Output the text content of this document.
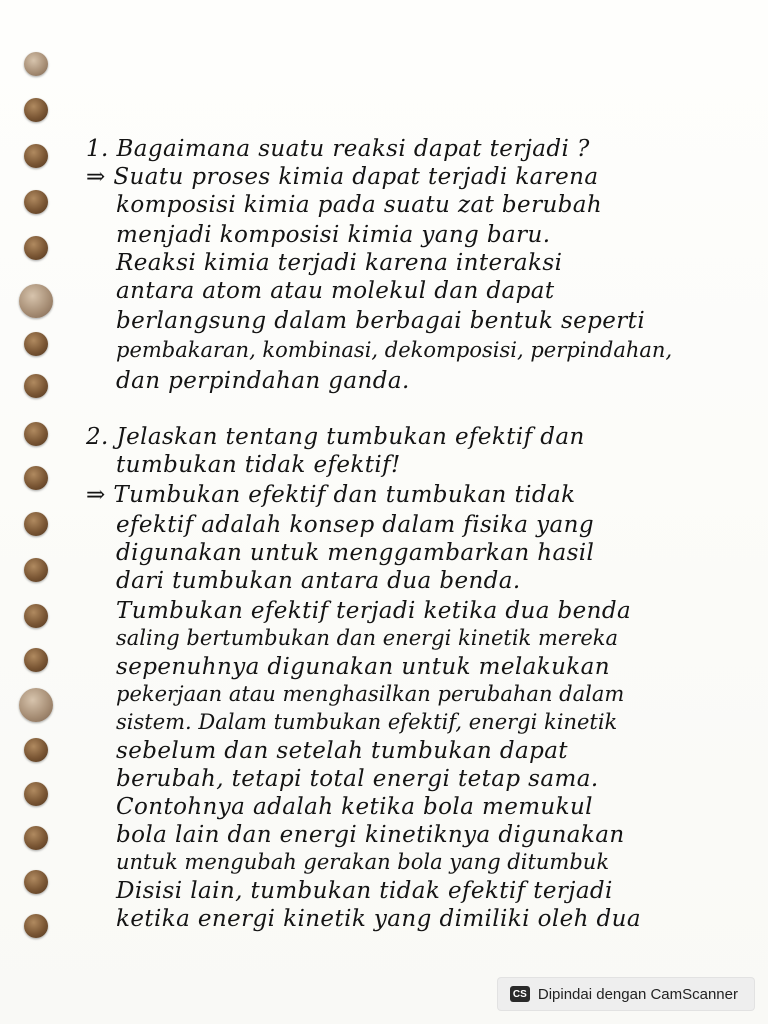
1. Bagaimana suatu reaksi dapat terjadi ?
⇒ Suatu proses kimia dapat terjadi karena
komposisi kimia pada suatu zat berubah
menjadi komposisi kimia yang baru.
Reaksi kimia terjadi karena interaksi
antara atom atau molekul dan dapat
berlangsung dalam berbagai bentuk seperti
pembakaran, kombinasi, dekomposisi, perpindahan,
dan perpindahan ganda.
2. Jelaskan tentang tumbukan efektif dan
tumbukan tidak efektif!
⇒ Tumbukan efektif dan tumbukan tidak
efektif adalah konsep dalam fisika yang
digunakan untuk menggambarkan hasil
dari tumbukan antara dua benda.
Tumbukan efektif terjadi ketika dua benda
saling bertumbukan dan energi kinetik mereka
sepenuhnya digunakan untuk melakukan
pekerjaan atau menghasilkan perubahan dalam
sistem. Dalam tumbukan efektif, energi kinetik
sebelum dan setelah tumbukan dapat
berubah, tetapi total energi tetap sama.
Contohnya adalah ketika bola memukul
bola lain dan energi kinetiknya digunakan
untuk mengubah gerakan bola yang ditumbuk
Disisi lain, tumbukan tidak efektif terjadi
ketika energi kinetik yang dimiliki oleh dua
CS Dipindai dengan CamScanner
